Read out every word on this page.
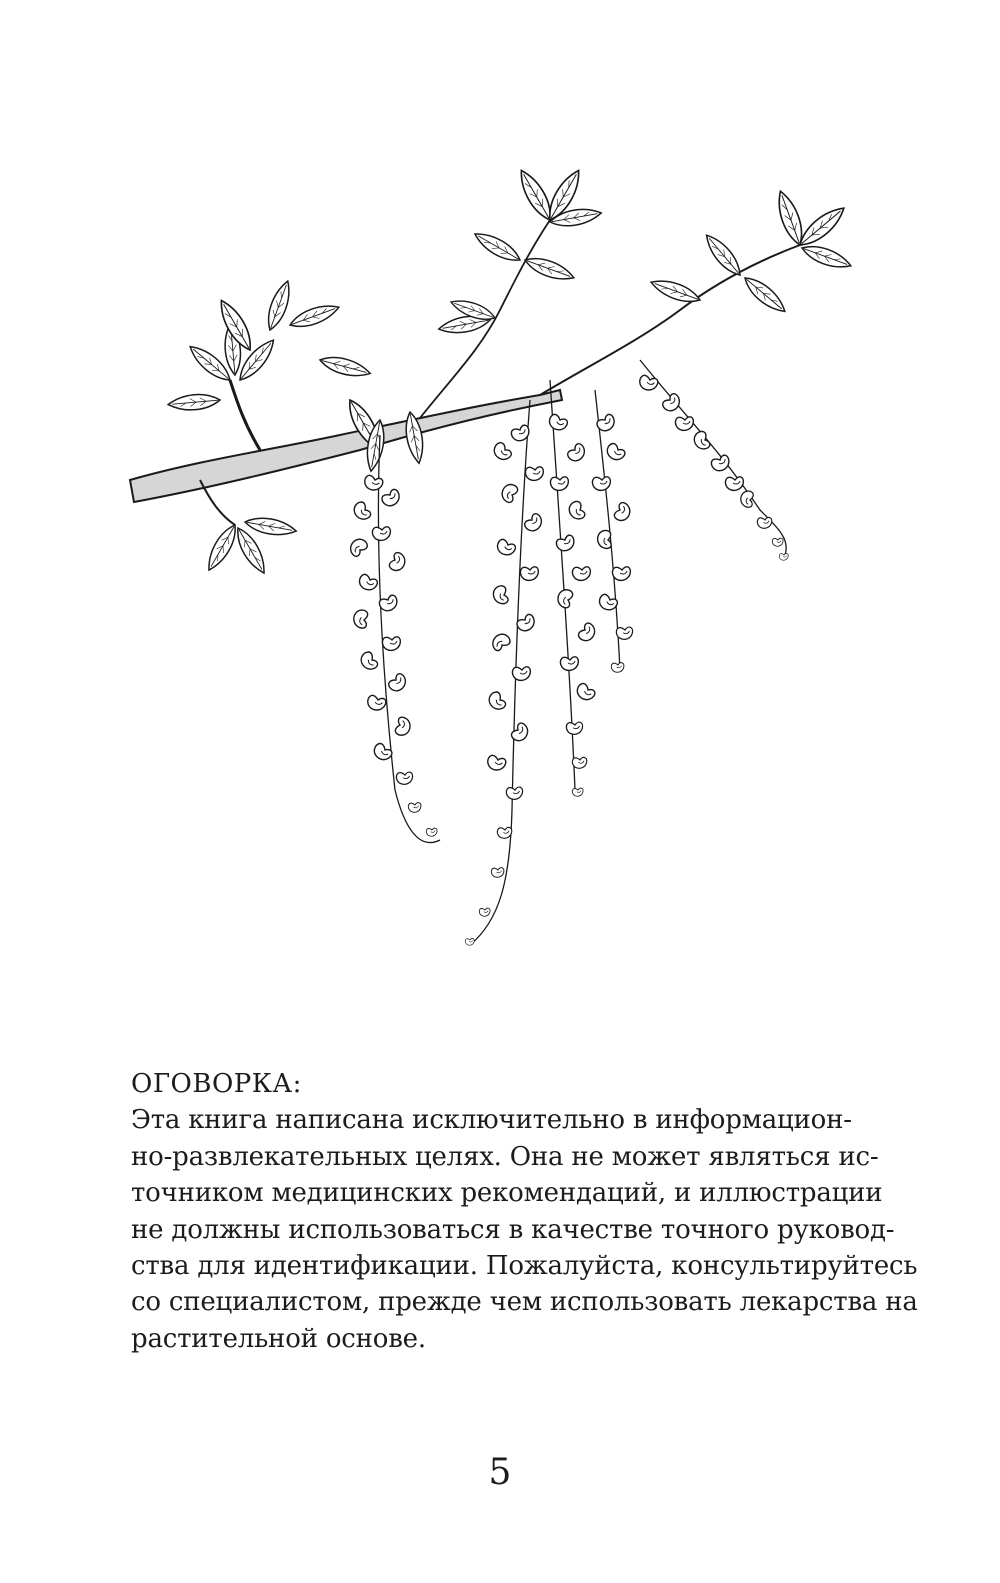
ОГОВОРКА:
Эта книга написана исключительно в информацион-
но-развлекательных целях. Она не может являться ис-
точником медицинских рекомендаций, и иллюстрации
не должны использоваться в качестве точного руковод-
ства для идентификации. Пожалуйста, консультируйтесь
со специалистом, прежде чем использовать лекарства на
растительной основе.
5
